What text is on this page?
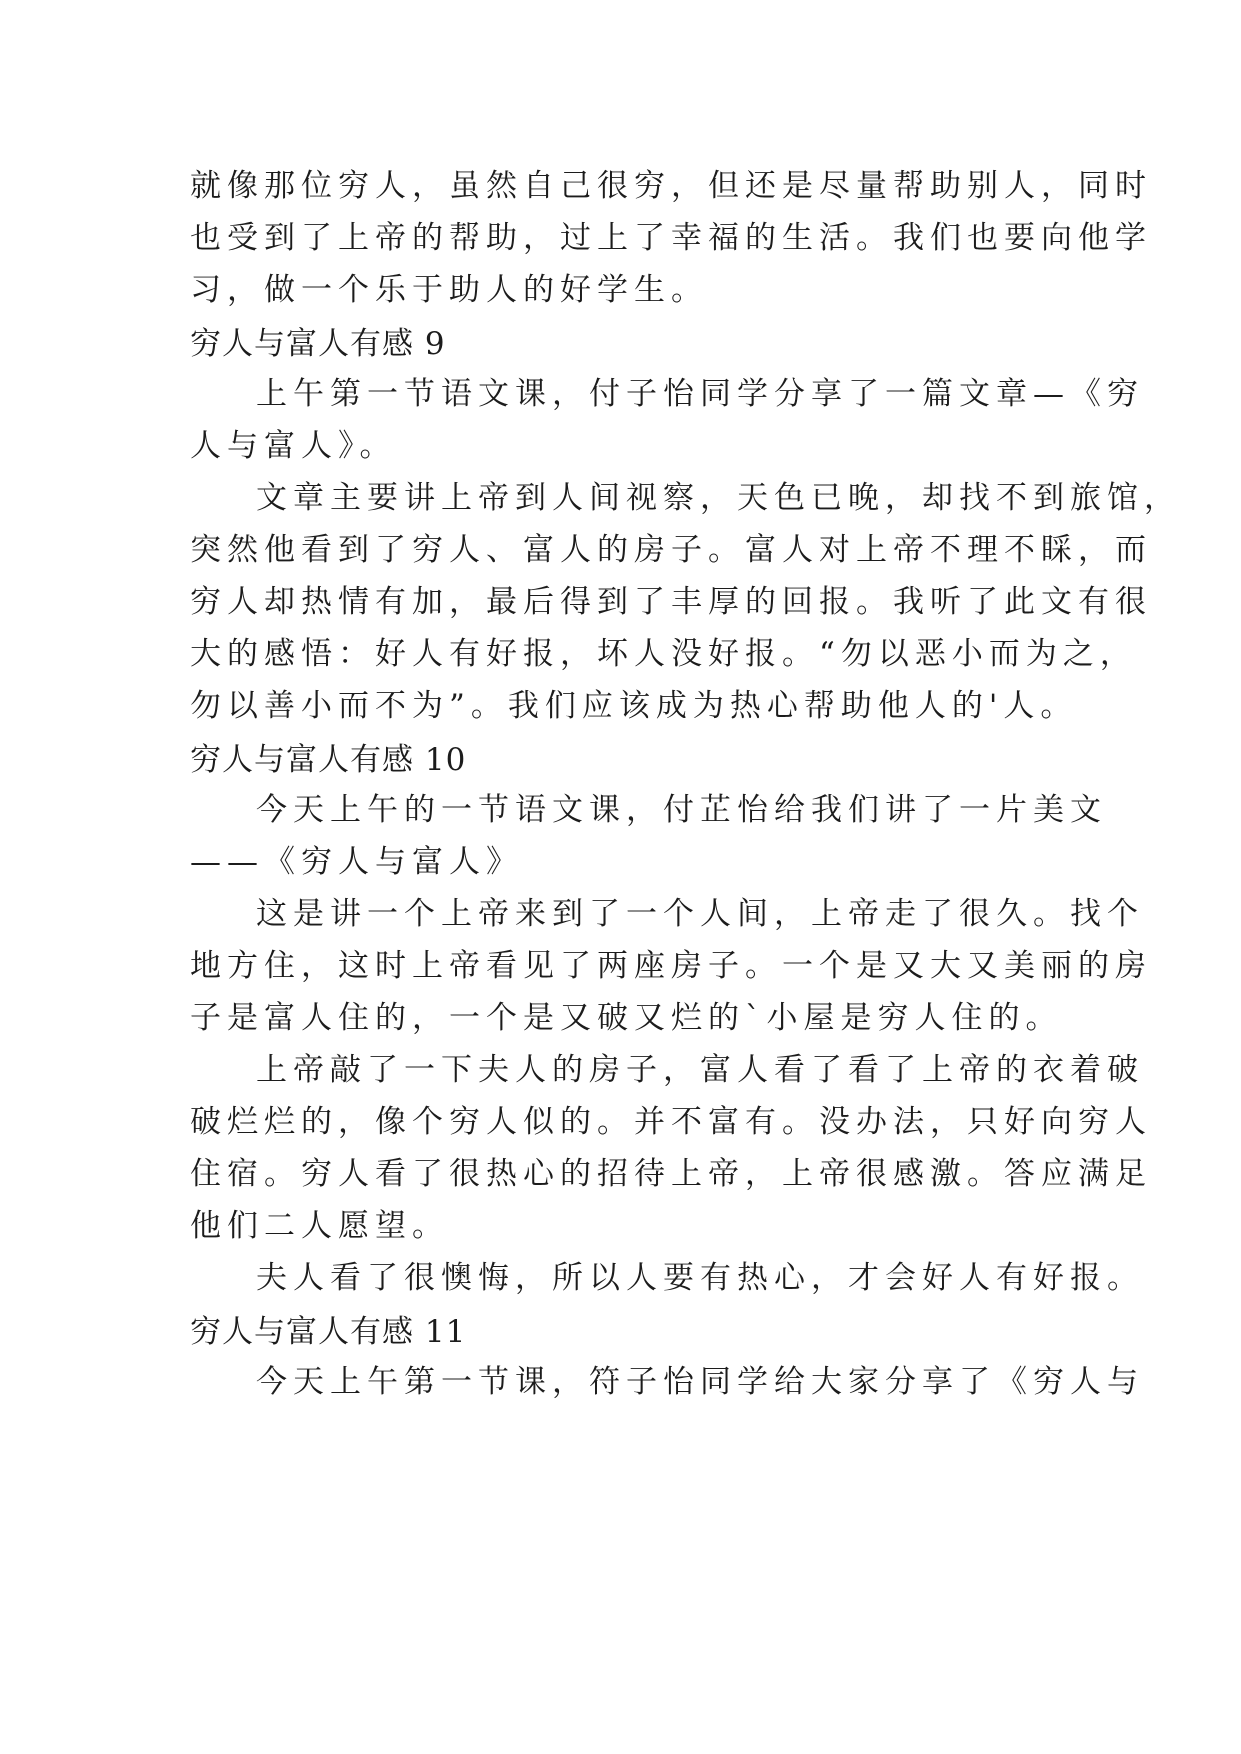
就像那位穷人，虽然自己很穷，但还是尽量帮助别人，同时
也受到了上帝的帮助，过上了幸福的生活。我们也要向他学
习，做一个乐于助人的好学生。
穷人与富人有感 9
上午第一节语文课，付子怡同学分享了一篇文章—《穷
人与富人》。
文章主要讲上帝到人间视察，天色已晚，却找不到旅馆，
突然他看到了穷人、富人的房子。富人对上帝不理不睬，而
穷人却热情有加，最后得到了丰厚的回报。我听了此文有很
大的感悟：好人有好报，坏人没好报。“勿以恶小而为之，
勿以善小而不为”。我们应该成为热心帮助他人的'人。
穷人与富人有感 10
今天上午的一节语文课，付芷怡给我们讲了一片美文
——《穷人与富人》
这是讲一个上帝来到了一个人间，上帝走了很久。找个
地方住，这时上帝看见了两座房子。一个是又大又美丽的房
子是富人住的，一个是又破又烂的`小屋是穷人住的。
上帝敲了一下夫人的房子，富人看了看了上帝的衣着破
破烂烂的，像个穷人似的。并不富有。没办法，只好向穷人
住宿。穷人看了很热心的招待上帝，上帝很感激。答应满足
他们二人愿望。
夫人看了很懊悔，所以人要有热心，才会好人有好报。
穷人与富人有感 11
今天上午第一节课，符子怡同学给大家分享了《穷人与
